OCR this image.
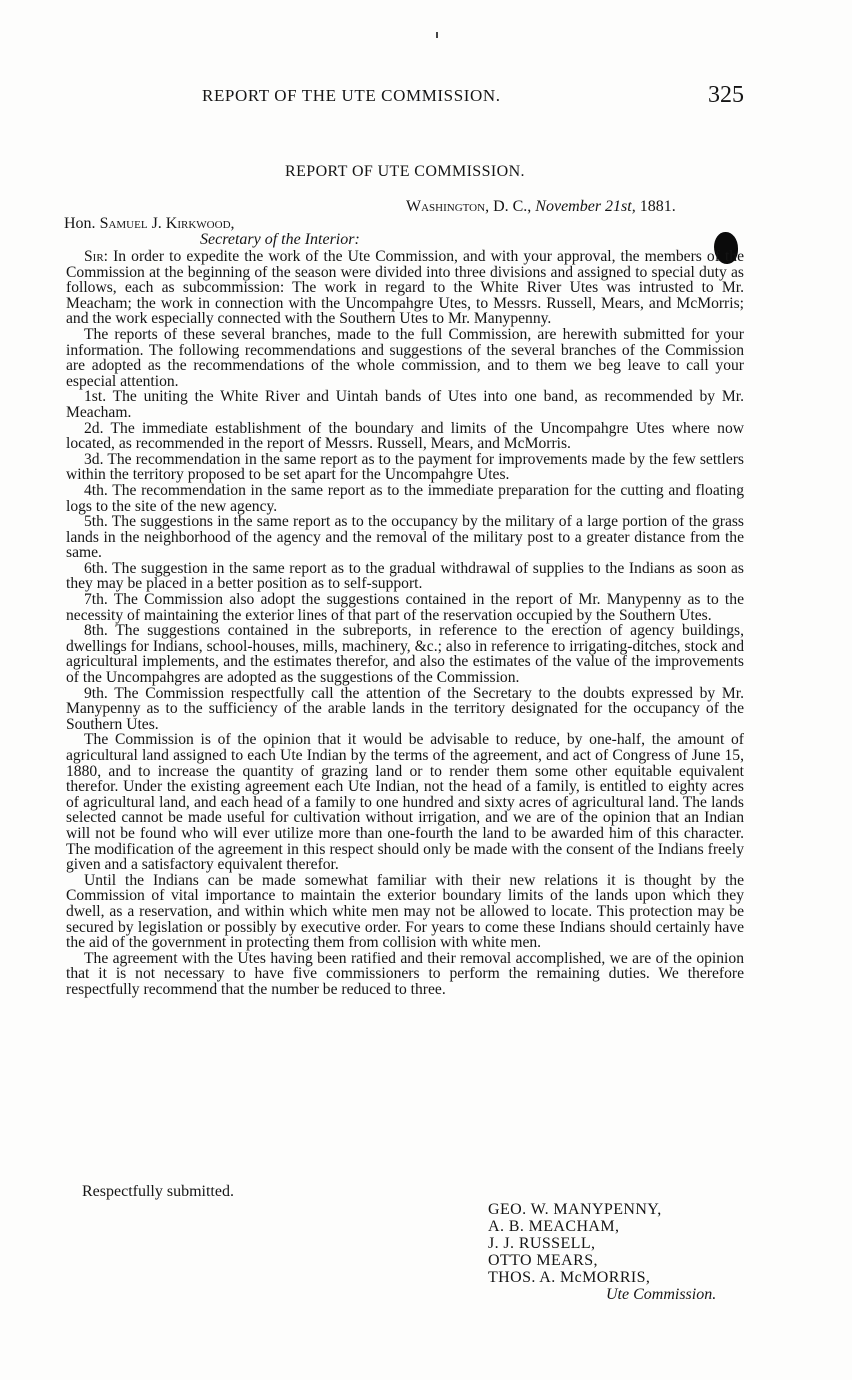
REPORT OF THE UTE COMMISSION.	325
REPORT OF UTE COMMISSION.
Washington, D. C., November 21st, 1881.
Hon. Samuel J. Kirkwood,
Secretary of the Interior:

Sir: In order to expedite the work of the Ute Commission, and with your approval, the members of the Commission at the beginning of the season were divided into three divisions and assigned to special duty as follows, each as subcommission: The work in regard to the White River Utes was intrusted to Mr. Meacham; the work in connection with the Uncompahgre Utes, to Messrs. Russell, Mears, and McMorris; and the work especially connected with the Southern Utes to Mr. Manypenny.

The reports of these several branches, made to the full Commission, are herewith submitted for your information. The following recommendations and suggestions of the several branches of the Commission are adopted as the recommendations of the whole commission, and to them we beg leave to call your especial attention.

1st. The uniting the White River and Uintah bands of Utes into one band, as recommended by Mr. Meacham.

2d. The immediate establishment of the boundary and limits of the Uncompahgre Utes where now located, as recommended in the report of Messrs. Russell, Mears, and McMorris.

3d. The recommendation in the same report as to the payment for improvements made by the few settlers within the territory proposed to be set apart for the Uncompahgre Utes.

4th. The recommendation in the same report as to the immediate preparation for the cutting and floating logs to the site of the new agency.

5th. The suggestions in the same report as to the occupancy by the military of a large portion of the grass lands in the neighborhood of the agency and the removal of the military post to a greater distance from the same.

6th. The suggestion in the same report as to the gradual withdrawal of supplies to the Indians as soon as they may be placed in a better position as to self-support.

7th. The Commission also adopt the suggestions contained in the report of Mr. Manypenny as to the necessity of maintaining the exterior lines of that part of the reservation occupied by the Southern Utes.

8th. The suggestions contained in the subreports, in reference to the erection of agency buildings, dwellings for Indians, school-houses, mills, machinery, &c.; also in reference to irrigating-ditches, stock and agricultural implements, and the estimates therefor, and also the estimates of the value of the improvements of the Uncompahgres are adopted as the suggestions of the Commission.

9th. The Commission respectfully call the attention of the Secretary to the doubts expressed by Mr. Manypenny as to the sufficiency of the arable lands in the territory designated for the occupancy of the Southern Utes.

The Commission is of the opinion that it would be advisable to reduce, by one-half, the amount of agricultural land assigned to each Ute Indian by the terms of the agreement, and act of Congress of June 15, 1880, and to increase the quantity of grazing land or to render them some other equitable equivalent therefor. Under the existing agreement each Ute Indian, not the head of a family, is entitled to eighty acres of agricultural land, and each head of a family to one hundred and sixty acres of agricultural land. The lands selected cannot be made useful for cultivation without irrigation, and we are of the opinion that an Indian will not be found who will ever utilize more than one-fourth the land to be awarded him of this character. The modification of the agreement in this respect should only be made with the consent of the Indians freely given and a satisfactory equivalent therefor.

Until the Indians can be made somewhat familiar with their new relations it is thought by the Commission of vital importance to maintain the exterior boundary limits of the lands upon which they dwell, as a reservation, and within which white men may not be allowed to locate. This protection may be secured by legislation or possibly by executive order. For years to come these Indians should certainly have the aid of the government in protecting them from collision with white men.

The agreement with the Utes having been ratified and their removal accomplished, we are of the opinion that it is not necessary to have five commissioners to perform the remaining duties. We therefore respectfully recommend that the number be reduced to three.

Respectfully submitted.
GEO. W. MANYPENNY,
A. B. MEACHAM,
J. J. RUSSELL,
OTTO MEARS,
THOS. A. McMORRIS,
Ute Commission.
